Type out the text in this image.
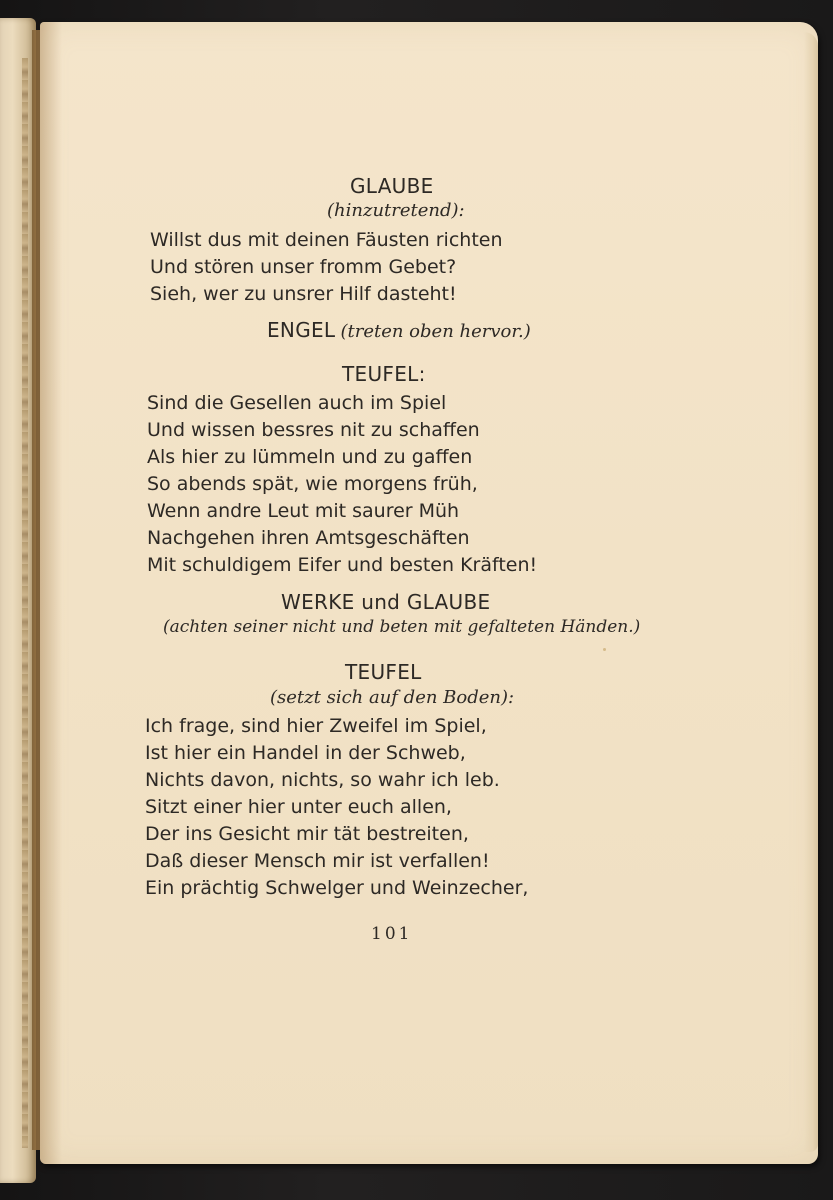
GLAUBE
(hinzutretend):
Willst dus mit deinen Fäusten richten
Und stören unser fromm Gebet?
Sieh, wer zu unsrer Hilf dasteht!
ENGEL (treten oben hervor.)
TEUFEL:
Sind die Gesellen auch im Spiel
Und wissen bessres nit zu schaffen
Als hier zu lümmeln und zu gaffen
So abends spät, wie morgens früh,
Wenn andre Leut mit saurer Müh
Nachgehen ihren Amtsgeschäften
Mit schuldigem Eifer und besten Kräften!
WERKE und GLAUBE
(achten seiner nicht und beten mit gefalteten Händen.)
TEUFEL
(setzt sich auf den Boden):
Ich frage, sind hier Zweifel im Spiel,
Ist hier ein Handel in der Schweb,
Nichts davon, nichts, so wahr ich leb.
Sitzt einer hier unter euch allen,
Der ins Gesicht mir tät bestreiten,
Daß dieser Mensch mir ist verfallen!
Ein prächtig Schwelger und Weinzecher,
101
